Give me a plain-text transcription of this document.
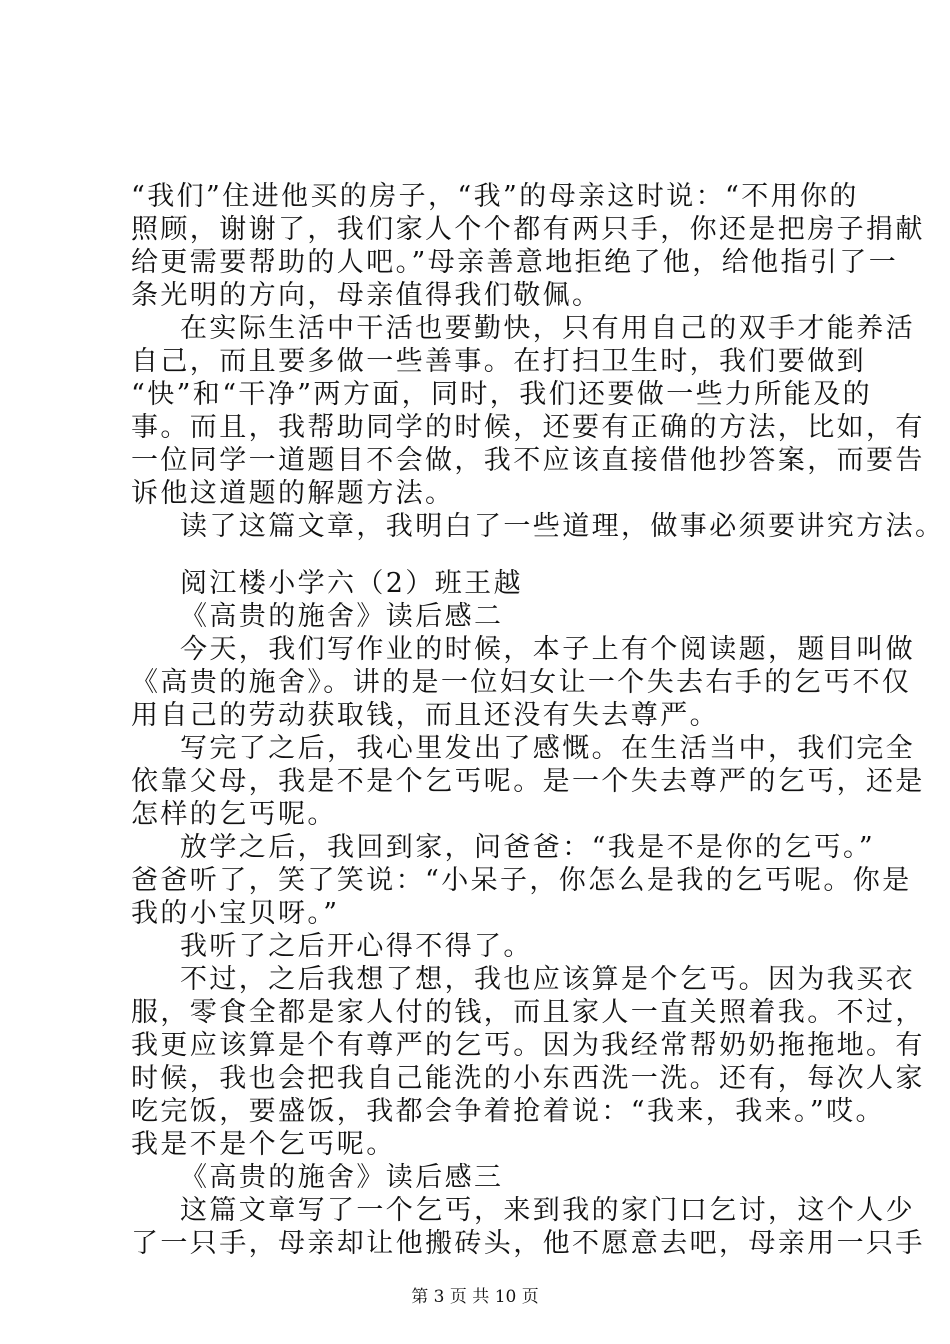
“我们”住进他买的房子，“我”的母亲这时说：“不用你的
照顾，谢谢了，我们家人个个都有两只手，你还是把房子捐献
给更需要帮助的人吧。”母亲善意地拒绝了他，给他指引了一
条光明的方向，母亲值得我们敬佩。
在实际生活中干活也要勤快，只有用自己的双手才能养活
自己，而且要多做一些善事。在打扫卫生时，我们要做到
“快”和“干净”两方面，同时，我们还要做一些力所能及的
事。而且，我帮助同学的时候，还要有正确的方法，比如，有
一位同学一道题目不会做，我不应该直接借他抄答案，而要告
诉他这道题的解题方法。
读了这篇文章，我明白了一些道理，做事必须要讲究方法。
阅江楼小学六（2）班王越
《高贵的施舍》读后感二
今天，我们写作业的时候，本子上有个阅读题，题目叫做
《高贵的施舍》。讲的是一位妇女让一个失去右手的乞丐不仅
用自己的劳动获取钱，而且还没有失去尊严。
写完了之后，我心里发出了感慨。在生活当中，我们完全
依靠父母，我是不是个乞丐呢。是一个失去尊严的乞丐，还是
怎样的乞丐呢。
放学之后，我回到家，问爸爸：“我是不是你的乞丐。”
爸爸听了，笑了笑说：“小呆子，你怎么是我的乞丐呢。你是
我的小宝贝呀。”
我听了之后开心得不得了。
不过，之后我想了想，我也应该算是个乞丐。因为我买衣
服，零食全都是家人付的钱，而且家人一直关照着我。不过，
我更应该算是个有尊严的乞丐。因为我经常帮奶奶拖拖地。有
时候，我也会把我自己能洗的小东西洗一洗。还有，每次人家
吃完饭，要盛饭，我都会争着抢着说：“我来，我来。”哎。
我是不是个乞丐呢。
《高贵的施舍》读后感三
这篇文章写了一个乞丐，来到我的家门口乞讨，这个人少
了一只手，母亲却让他搬砖头，他不愿意去吧，母亲用一只手
第 3 页 共 10 页
